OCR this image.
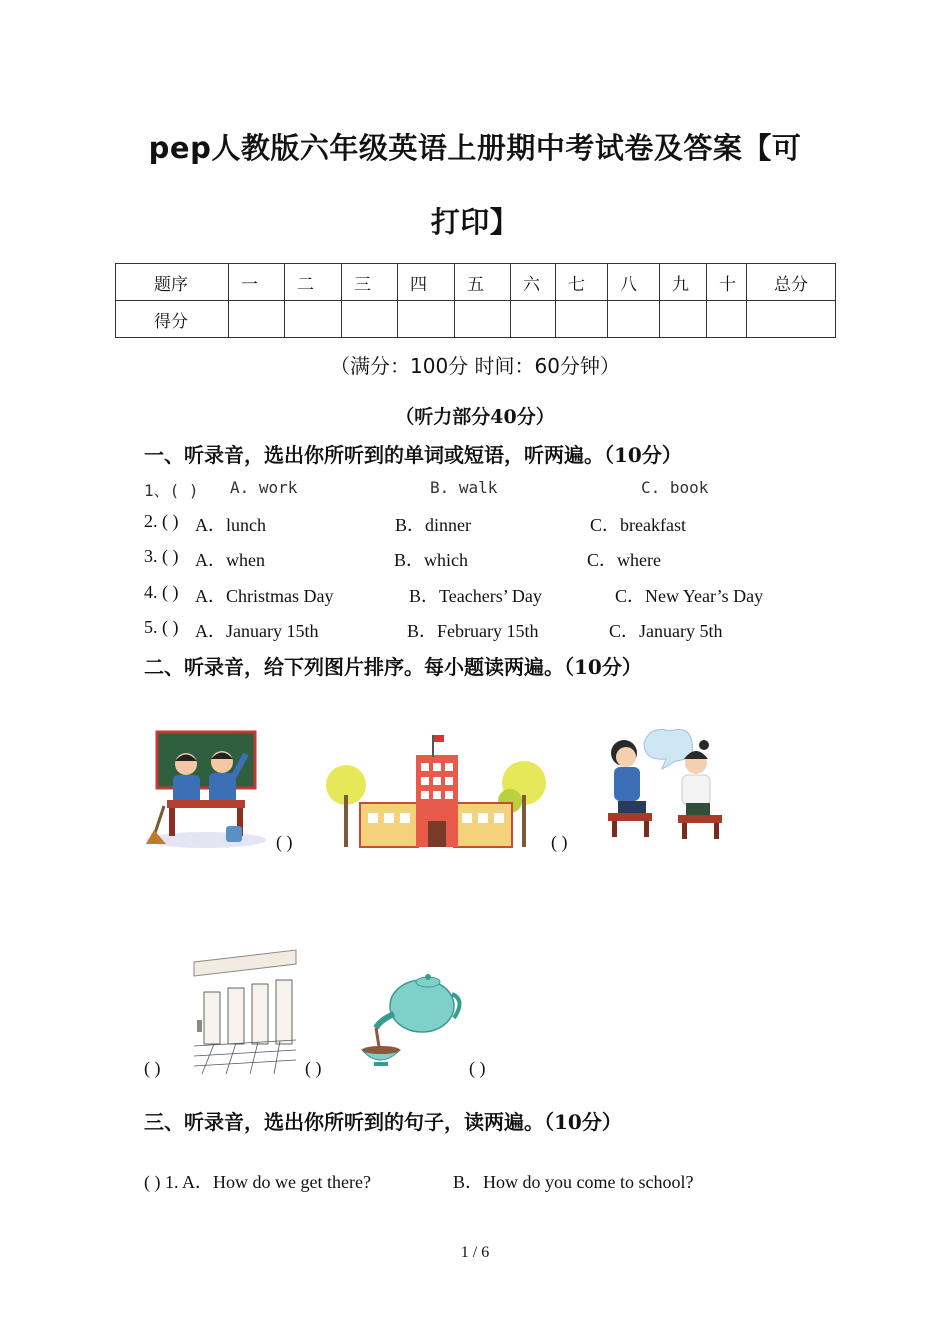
pep人教版六年级英语上册期中考试卷及答案【可
打印】
题序	一	二	三	四	五	六	七	八	九	十	总分
得分											
（满分：100分 时间：60分钟）
（听力部分40分）
一、听录音，选出你所听到的单词或短语，听两遍。（10分）
1、( ) A. work	B. walk	C. book
2. ( ) A．lunch	B．dinner	C．breakfast
3. ( ) A．when	B．which	C．where
4. ( ) A．Christmas Day	B．Teachers’ Day	C．New Year’s Day
5. ( ) A．January 15th	B．February 15th	C．January 5th
二、听录音，给下列图片排序。每小题读两遍。（10分）
( )	( )
( )	( )	( )
三、听录音，选出你所听到的句子，读两遍。（10分）
( ) 1. A．How do we get there?	B．How do you come to school?
1 / 6
